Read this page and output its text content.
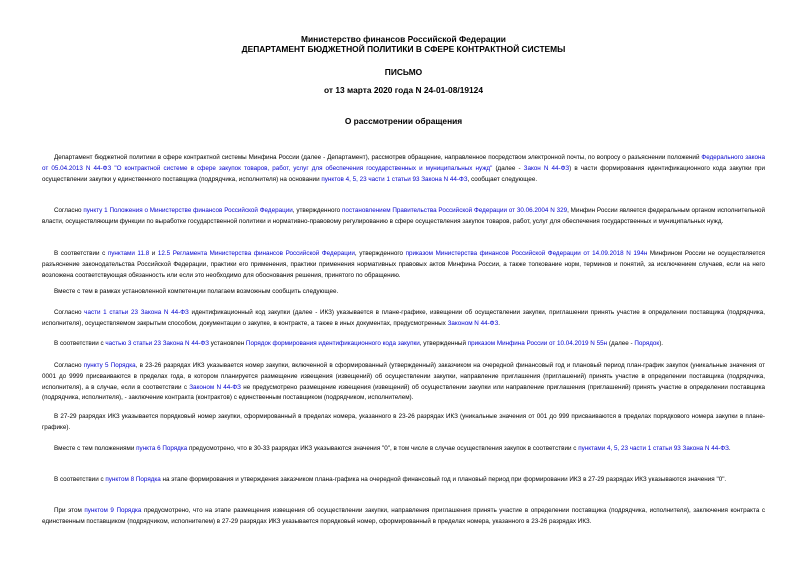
Министерство финансов Российской Федерации
ДЕПАРТАМЕНТ БЮДЖЕТНОЙ ПОЛИТИКИ В СФЕРЕ КОНТРАКТНОЙ СИСТЕМЫ
ПИСЬМО
от 13 марта 2020 года N 24-01-08/19124
О рассмотрении обращения
Департамент бюджетной политики в сфере контрактной системы Минфина России (далее - Департамент), рассмотрев обращение, направленное посредством электронной почты, по вопросу о разъяснении положений Федерального закона от 05.04.2013 N 44-ФЗ "О контрактной системе в сфере закупок товаров, работ, услуг для обеспечения государственных и муниципальных нужд" (далее - Закон N 44-ФЗ) в части формирования идентификационного кода закупки при осуществлении закупки у единственного поставщика (подрядчика, исполнителя) на основании пунктов 4, 5, 23 части 1 статьи 93 Закона N 44-ФЗ, сообщает следующее.
Согласно пункту 1 Положения о Министерстве финансов Российской Федерации, утвержденного постановлением Правительства Российской Федерации от 30.06.2004 N 329, Минфин России является федеральным органом исполнительной власти, осуществляющим функции по выработке государственной политики и нормативно-правовому регулированию в сфере осуществления закупок товаров, работ, услуг для обеспечения государственных и муниципальных нужд.
В соответствии с пунктами 11.8 и 12.5 Регламента Министерства финансов Российской Федерации, утвержденного приказом Министерства финансов Российской Федерации от 14.09.2018 N 194н Минфином России не осуществляется разъяснение законодательства Российской Федерации, практики его применения, практики применения нормативных правовых актов Минфина России, а также толкование норм, терминов и понятий, за исключением случаев, если на него возложена соответствующая обязанность или если это необходимо для обоснования решения, принятого по обращению.
Вместе с тем в рамках установленной компетенции полагаем возможным сообщить следующее.
Согласно части 1 статьи 23 Закона N 44-ФЗ идентификационный код закупки (далее - ИКЗ) указывается в плане-графике, извещении об осуществлении закупки, приглашении принять участие в определении поставщика (подрядчика, исполнителя), осуществляемом закрытым способом, документации о закупке, в контракте, а также в иных документах, предусмотренных Законом N 44-ФЗ.
В соответствии с частью 3 статьи 23 Закона N 44-ФЗ установлен Порядок формирования идентификационного кода закупки, утвержденный приказом Минфина России от 10.04.2019 N 55н (далее - Порядок).
Согласно пункту 5 Порядка, в 23-26 разрядах ИКЗ указывается номер закупки, включенной в сформированный (утвержденный) заказчиком на очередной финансовый год и плановый период план-график закупок (уникальные значения от 0001 до 9999 присваиваются в пределах года, в котором планируется размещение извещения (извещений) об осуществлении закупки, направление приглашения (приглашений) принять участие в определении поставщика (подрядчика, исполнителя), а в случае, если в соответствии с Законом N 44-ФЗ не предусмотрено размещение извещения (извещений) об осуществлении закупки или направление приглашения (приглашений) принять участие в определении поставщика (подрядчика, исполнителя), - заключение контракта (контрактов) с единственным поставщиком (подрядчиком, исполнителем).
В 27-29 разрядах ИКЗ указывается порядковый номер закупки, сформированный в пределах номера, указанного в 23-26 разрядах ИКЗ (уникальные значения от 001 до 999 присваиваются в пределах порядкового номера закупки в плане-графике).
Вместе с тем положениями пункта 6 Порядка предусмотрено, что в 30-33 разрядах ИКЗ указываются значения "0", в том числе в случае осуществления закупок в соответствии с пунктами 4, 5, 23 части 1 статьи 93 Закона N 44-ФЗ.
В соответствии с пунктом 8 Порядка на этапе формирования и утверждения заказчиком плана-графика на очередной финансовый год и плановый период при формировании ИКЗ в 27-29 разрядах ИКЗ указываются значения "0".
При этом пунктом 9 Порядка предусмотрено, что на этапе размещения извещения об осуществлении закупки, направления приглашения принять участие в определении поставщика (подрядчика, исполнителя), заключения контракта с единственным поставщиком (подрядчиком, исполнителем) в 27-29 разрядах ИКЗ указывается порядковый номер, сформированный в пределах номера, указанного в 23-26 разрядах ИКЗ.
